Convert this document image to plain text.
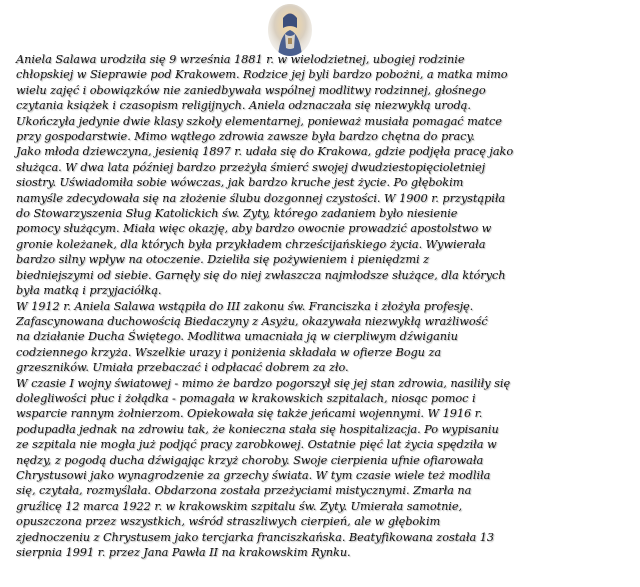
Aniela Salawa urodziła się 9 września 1881 r. w wielodzietnej, ubogiej rodzinie
chłopskiej w Sieprawie pod Krakowem. Rodzice jej byli bardzo pobożni, a matka mimo
wielu zajęć i obowiązków nie zaniedbywała wspólnej modlitwy rodzinnej, głośnego
czytania książek i czasopism religijnych. Aniela odznaczała się niezwykłą urodą.
Ukończyła jedynie dwie klasy szkoły elementarnej, ponieważ musiała pomagać matce
przy gospodarstwie. Mimo wątłego zdrowia zawsze była bardzo chętna do pracy.
Jako młoda dziewczyna, jesienią 1897 r. udała się do Krakowa, gdzie podjęła pracę jako
służąca. W dwa lata później bardzo przeżyła śmierć swojej dwudziestopięcioletniej
siostry. Uświadomiła sobie wówczas, jak bardzo kruche jest życie. Po głębokim
namyśle zdecydowała się na złożenie ślubu dozgonnej czystości. W 1900 r. przystąpiła
do Stowarzyszenia Sług Katolickich św. Zyty, którego zadaniem było niesienie
pomocy służącym. Miała więc okazję, aby bardzo owocnie prowadzić apostolstwo w
gronie koleżanek, dla których była przykładem chrześcijańskiego życia. Wywierała
bardzo silny wpływ na otoczenie. Dzieliła się pożywieniem i pieniędzmi z
biedniejszymi od siebie. Garnęły się do niej zwłaszcza najmłodsze służące, dla których
była matką i przyjaciółką.
W 1912 r. Aniela Salawa wstąpiła do III zakonu św. Franciszka i złożyła profesję.
Zafascynowana duchowością Biedaczyny z Asyżu, okazywała niezwykłą wrażliwość
na działanie Ducha Świętego. Modlitwa umacniała ją w cierpliwym dźwiganiu
codziennego krzyża. Wszelkie urazy i poniżenia składała w ofierze Bogu za
grzeszników. Umiała przebaczać i odpłacać dobrem za zło.
W czasie I wojny światowej - mimo że bardzo pogorszył się jej stan zdrowia, nasiliły się
dolegliwości płuc i żołądka - pomagała w krakowskich szpitalach, niosąc pomoc i
wsparcie rannym żołnierzom. Opiekowała się także jeńcami wojennymi. W 1916 r.
podupadła jednak na zdrowiu tak, że konieczna stała się hospitalizacja. Po wypisaniu
ze szpitala nie mogła już podjąć pracy zarobkowej. Ostatnie pięć lat życia spędziła w
nędzy, z pogodą ducha dźwigając krzyż choroby. Swoje cierpienia ufnie ofiarowała
Chrystusowi jako wynagrodzenie za grzechy świata. W tym czasie wiele też modliła
się, czytała, rozmyślała. Obdarzona została przeżyciami mistycznymi. Zmarła na
gruźlicę 12 marca 1922 r. w krakowskim szpitalu św. Zyty. Umierała samotnie,
opuszczona przez wszystkich, wśród straszliwych cierpień, ale w głębokim
zjednoczeniu z Chrystusem jako tercjarka franciszkańska. Beatyfikowana została 13
sierpnia 1991 r. przez Jana Pawła II na krakowskim Rynku.
